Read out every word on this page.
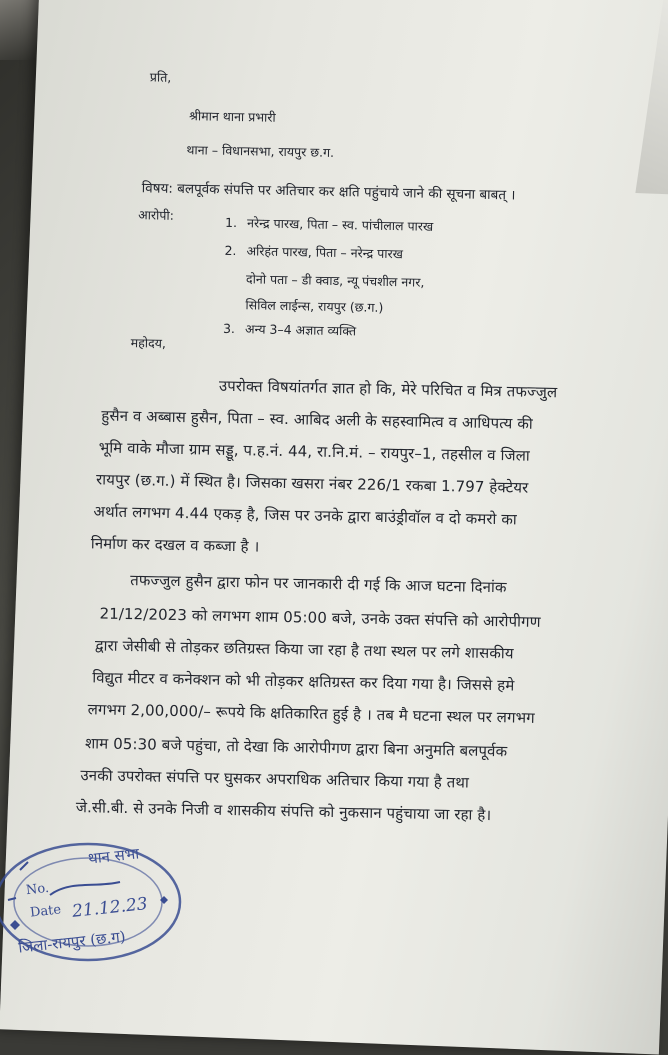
प्रति,
श्रीमान थाना प्रभारी
थाना – विधानसभा, रायपुर छ.ग.
विषय: बलपूर्वक संपत्ति पर अतिचार कर क्षति पहुंचाये जाने की सूचना बाबत् ।
आरोपी:	1. नरेन्द्र पारख, पिता – स्व. पांचीलाल पारख
2. अरिहंत पारख, पिता – नरेन्द्र पारख
दोनो पता – डी क्वाड, न्यू पंचशील नगर,
सिविल लाईन्स, रायपुर (छ.ग.)
3. अन्य 3–4 अज्ञात व्यक्ति
महोदय,
उपरोक्त विषयांतर्गत ज्ञात हो कि, मेरे परिचित व मित्र तफज्जुल
हुसैन व अब्बास हुसैन, पिता – स्व. आबिद अली के सहस्वामित्व व आधिपत्य की
भूमि वाके मौजा ग्राम सड्डू, प.ह.नं. 44, रा.नि.मं. – रायपुर–1, तहसील व जिला
रायपुर (छ.ग.) में स्थित है। जिसका खसरा नंबर 226/1 रकबा 1.797 हेक्टेयर
अर्थात लगभग 4.44 एकड़ है, जिस पर उनके द्वारा बाउंड्रीवॉल व दो कमरो का
निर्माण कर दखल व कब्जा है ।
तफज्जुल हुसैन द्वारा फोन पर जानकारी दी गई कि आज घटना दिनांक
21/12/2023 को लगभग शाम 05:00 बजे, उनके उक्त संपत्ति को आरोपीगण
द्वारा जेसीबी से तोड़कर छतिग्रस्त किया जा रहा है तथा स्थल पर लगे शासकीय
विद्युत मीटर व कनेक्शन को भी तोड़कर क्षतिग्रस्त कर दिया गया है। जिससे हमे
लगभग 2,00,000/– रूपये कि क्षतिकारित हुई है । तब मै घटना स्थल पर लगभग
शाम 05:30 बजे पहुंचा, तो देखा कि आरोपीगण द्वारा बिना अनुमति बलपूर्वक
उनकी उपरोक्त संपत्ति पर घुसकर अपराधिक अतिचार किया गया है तथा
जे.सी.बी. से उनके निजी व शासकीय संपत्ति को नुकसान पहुंचाया जा रहा है।
थान सभा
No.
Date 21.12.23
जिला-रायपुर (छ.ग)
